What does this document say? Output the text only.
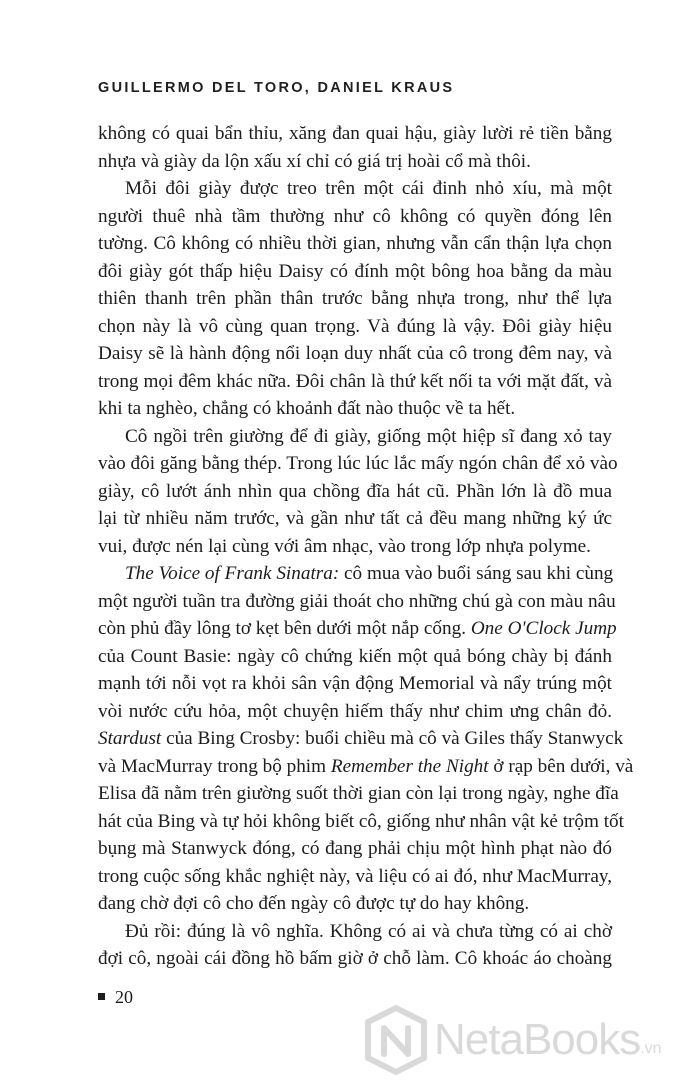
GUILLERMO DEL TORO, DANIEL KRAUS
không có quai bẩn thỉu, xăng đan quai hậu, giày lười rẻ tiền bằng
nhựa và giày da lộn xấu xí chỉ có giá trị hoài cổ mà thôi.
Mỗi đôi giày được treo trên một cái đinh nhỏ xíu, mà một
người thuê nhà tầm thường như cô không có quyền đóng lên
tường. Cô không có nhiều thời gian, nhưng vẫn cẩn thận lựa chọn
đôi giày gót thấp hiệu Daisy có đính một bông hoa bằng da màu
thiên thanh trên phần thân trước bằng nhựa trong, như thể lựa
chọn này là vô cùng quan trọng. Và đúng là vậy. Đôi giày hiệu
Daisy sẽ là hành động nổi loạn duy nhất của cô trong đêm nay, và
trong mọi đêm khác nữa. Đôi chân là thứ kết nối ta với mặt đất, và
khi ta nghèo, chẳng có khoảnh đất nào thuộc về ta hết.
Cô ngồi trên giường để đi giày, giống một hiệp sĩ đang xỏ tay
vào đôi găng bằng thép. Trong lúc lúc lắc mấy ngón chân để xỏ vào
giày, cô lướt ánh nhìn qua chồng đĩa hát cũ. Phần lớn là đồ mua
lại từ nhiều năm trước, và gần như tất cả đều mang những ký ức
vui, được nén lại cùng với âm nhạc, vào trong lớp nhựa polyme.
The Voice of Frank Sinatra: cô mua vào buổi sáng sau khi cùng
một người tuần tra đường giải thoát cho những chú gà con màu nâu
còn phủ đầy lông tơ kẹt bên dưới một nắp cống. One O'Clock Jump
của Count Basie: ngày cô chứng kiến một quả bóng chày bị đánh
mạnh tới nỗi vọt ra khỏi sân vận động Memorial và nẩy trúng một
vòi nước cứu hỏa, một chuyện hiếm thấy như chim ưng chân đỏ.
Stardust của Bing Crosby: buổi chiều mà cô và Giles thấy Stanwyck
và MacMurray trong bộ phim Remember the Night ở rạp bên dưới, và
Elisa đã nằm trên giường suốt thời gian còn lại trong ngày, nghe đĩa
hát của Bing và tự hỏi không biết cô, giống như nhân vật kẻ trộm tốt
bụng mà Stanwyck đóng, có đang phải chịu một hình phạt nào đó
trong cuộc sống khắc nghiệt này, và liệu có ai đó, như MacMurray,
đang chờ đợi cô cho đến ngày cô được tự do hay không.
Đủ rồi: đúng là vô nghĩa. Không có ai và chưa từng có ai chờ
đợi cô, ngoài cái đồng hồ bấm giờ ở chỗ làm. Cô khoác áo choàng
20
NetaBooks .vn
